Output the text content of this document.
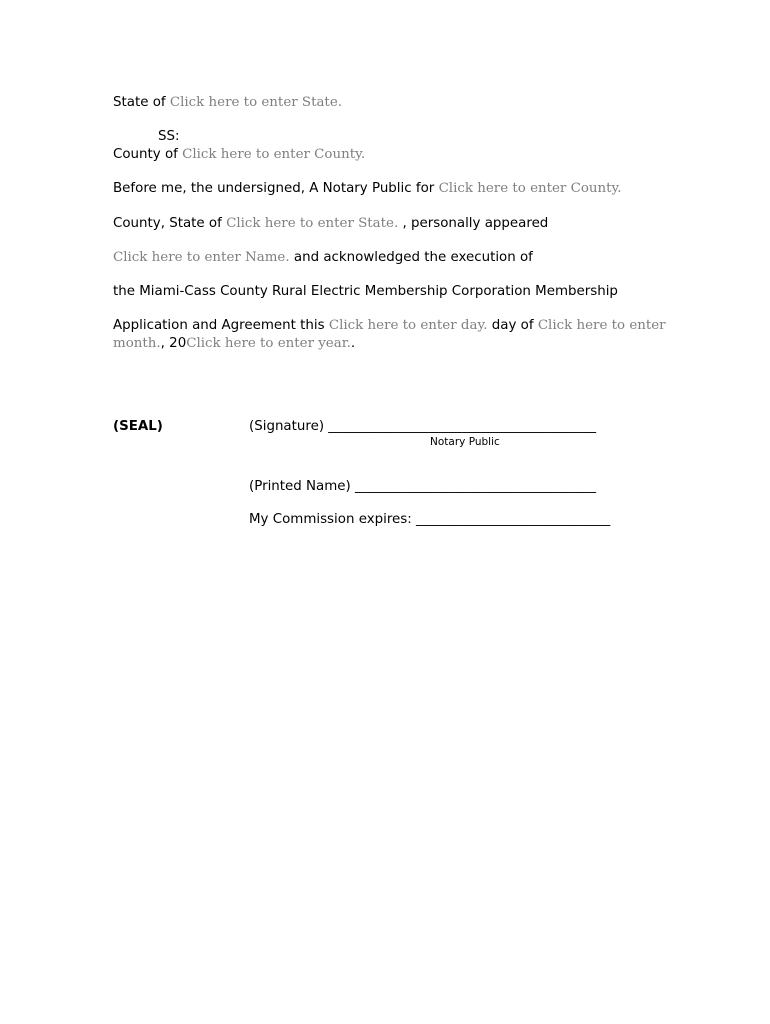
State of Click here to enter State.
SS:
County of Click here to enter County.
Before me, the undersigned, A Notary Public for Click here to enter County.
County, State of Click here to enter State. , personally appeared
Click here to enter Name. and acknowledged the execution of
the Miami-Cass County Rural Electric Membership Corporation Membership
Application and Agreement this Click here to enter day. day of Click here to enter
month., 20Click here to enter year..
(SEAL)	(Signature) ________________________________________
Notary Public
(Printed Name) ____________________________________
My Commission expires: _____________________________
